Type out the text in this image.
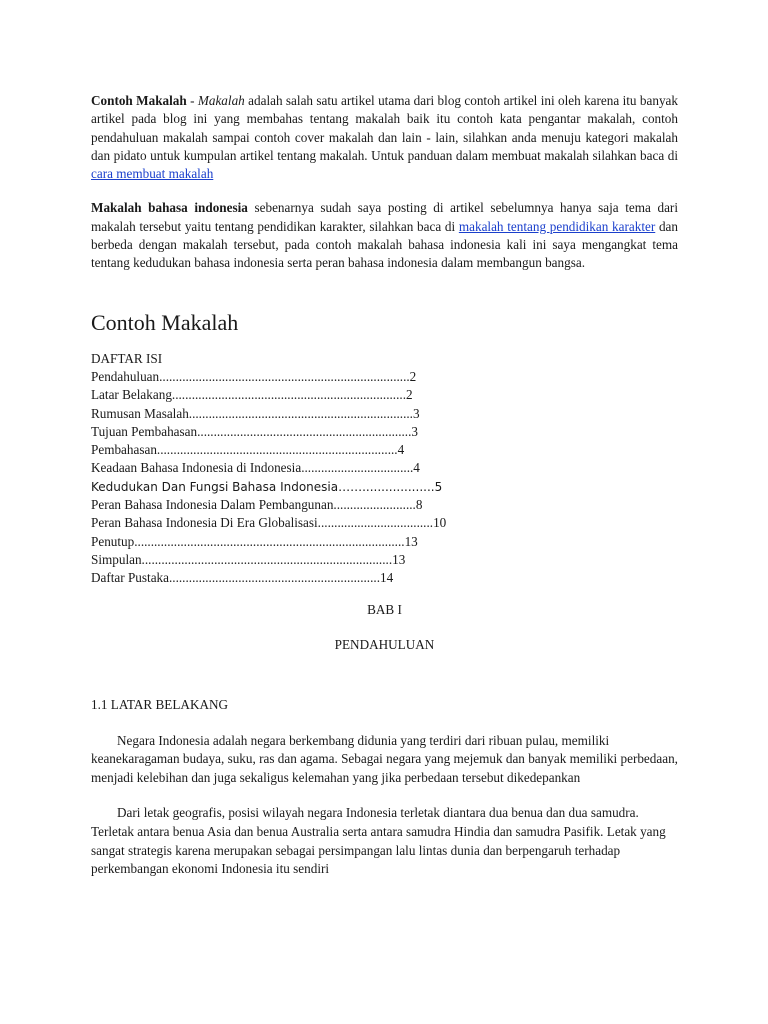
Contoh Makalah - Makalah adalah salah satu artikel utama dari blog contoh artikel ini oleh karena itu banyak artikel pada blog ini yang membahas tentang makalah baik itu contoh kata pengantar makalah, contoh pendahuluan makalah sampai contoh cover makalah dan lain - lain, silahkan anda menuju kategori makalah dan pidato untuk kumpulan artikel tentang makalah. Untuk panduan dalam membuat makalah silahkan baca di cara membuat makalah

Makalah bahasa indonesia sebenarnya sudah saya posting di artikel sebelumnya hanya saja tema dari makalah tersebut yaitu tentang pendidikan karakter, silahkan baca di makalah tentang pendidikan karakter dan berbeda dengan makalah tersebut, pada contoh makalah bahasa indonesia kali ini saya mengangkat tema tentang kedudukan bahasa indonesia serta peran bahasa indonesia dalam membangun bangsa.

Contoh Makalah
DAFTAR ISI
Pendahuluan............................................................................2
Latar Belakang.......................................................................2
Rumusan Masalah....................................................................3
Tujuan Pembahasan.................................................................3
Pembahasan.........................................................................4
Keadaan Bahasa Indonesia di Indonesia..................................4
Kedudukan Dan Fungsi Bahasa Indonesia……...................5
Peran Bahasa Indonesia Dalam Pembangunan.........................8
Peran Bahasa Indonesia Di Era Globalisasi...................................10
Penutup..................................................................................13
Simpulan............................................................................13
Daftar Pustaka................................................................14
BAB I
PENDAHULUAN
1.1 LATAR BELAKANG

Negara Indonesia adalah negara berkembang didunia yang terdiri dari ribuan pulau, memiliki keanekaragaman budaya, suku, ras dan agama. Sebagai negara yang mejemuk dan banyak memiliki perbedaan, menjadi kelebihan dan juga sekaligus kelemahan yang jika perbedaan tersebut dikedepankan

Dari letak geografis, posisi wilayah negara Indonesia terletak diantara dua benua dan dua samudra. Terletak antara benua Asia dan benua Australia serta antara samudra Hindia dan samudra Pasifik. Letak yang sangat strategis karena merupakan sebagai persimpangan lalu lintas dunia dan berpengaruh terhadap perkembangan ekonomi Indonesia itu sendiri
